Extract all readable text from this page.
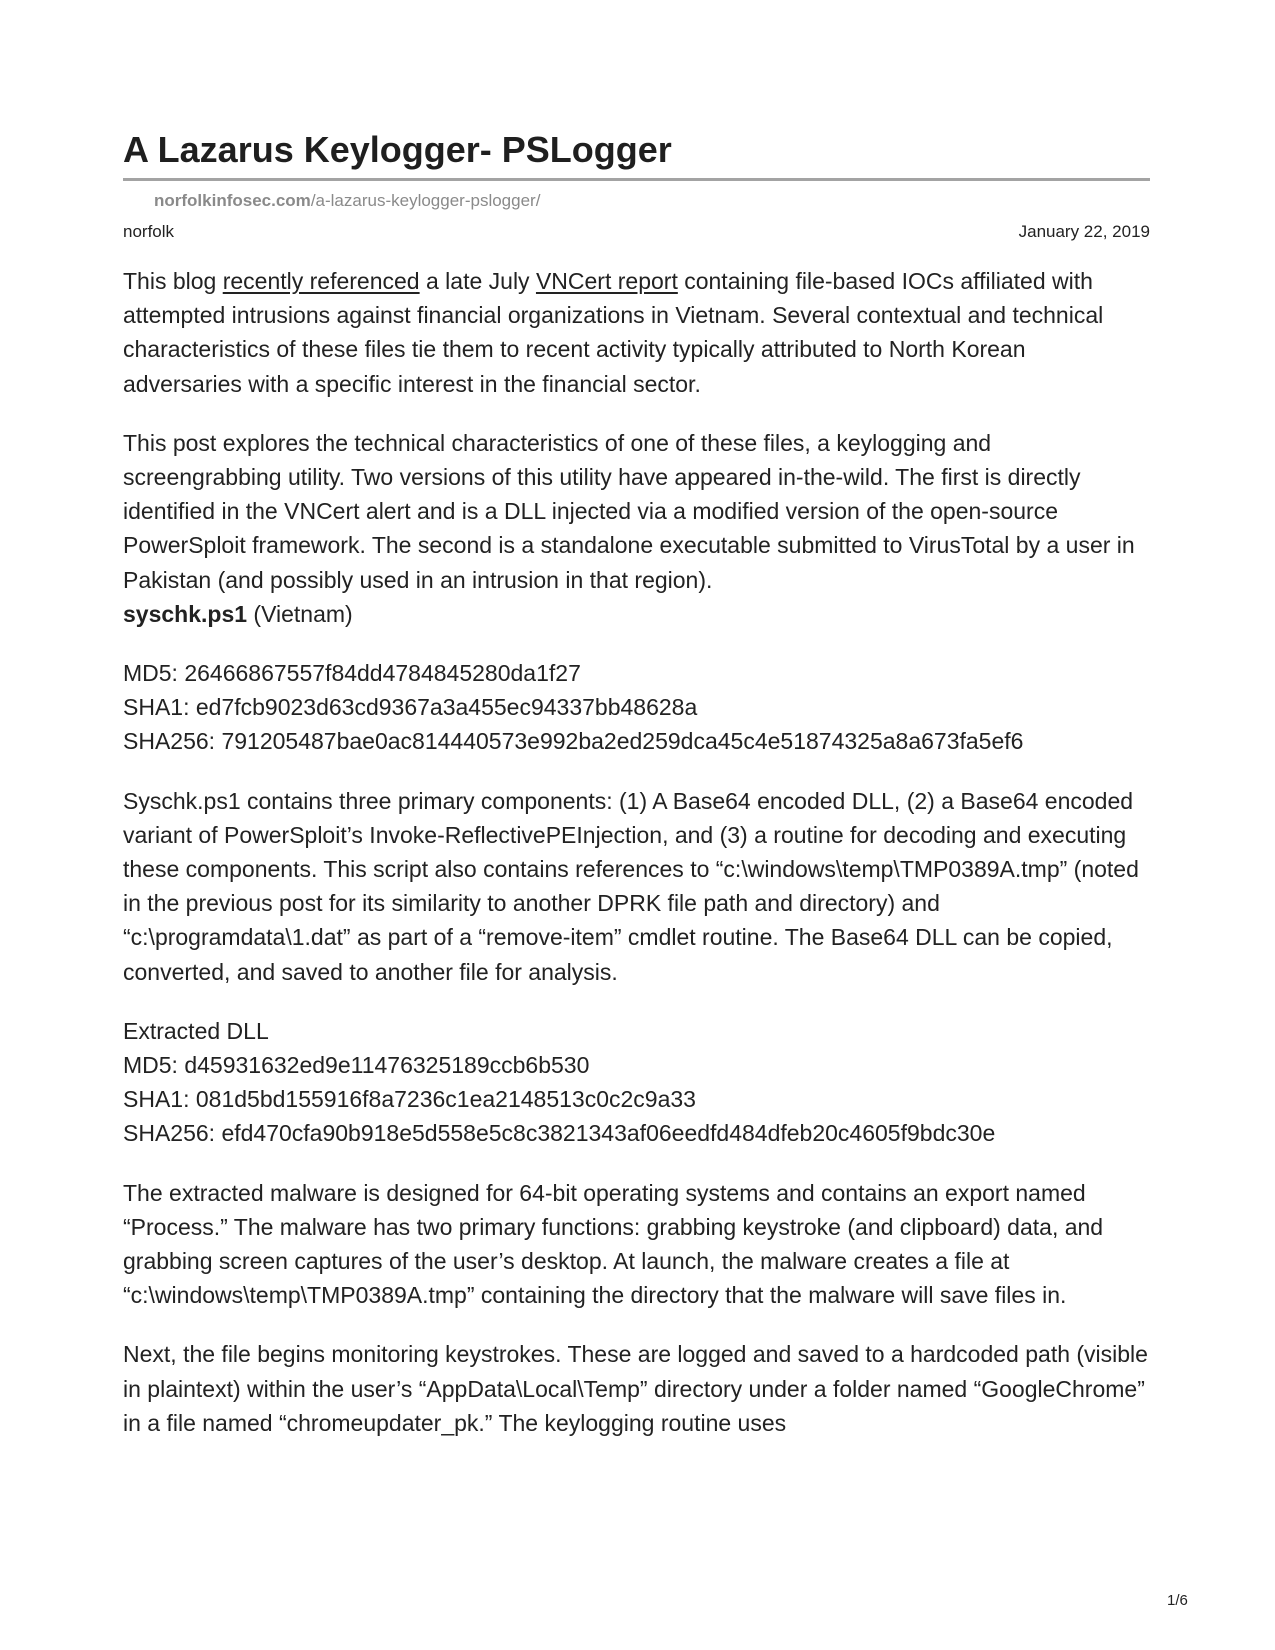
A Lazarus Keylogger- PSLogger
norfolkinfosec.com/a-lazarus-keylogger-pslogger/
norfolk	January 22, 2019

This blog recently referenced a late July VNCert report containing file-based IOCs affiliated with attempted intrusions against financial organizations in Vietnam. Several contextual and technical characteristics of these files tie them to recent activity typically attributed to North Korean adversaries with a specific interest in the financial sector.

This post explores the technical characteristics of one of these files, a keylogging and screengrabbing utility. Two versions of this utility have appeared in-the-wild. The first is directly identified in the VNCert alert and is a DLL injected via a modified version of the open-source PowerSploit framework. The second is a standalone executable submitted to VirusTotal by a user in Pakistan (and possibly used in an intrusion in that region).
syschk.ps1 (Vietnam)

MD5: 26466867557f84dd4784845280da1f27
SHA1: ed7fcb9023d63cd9367a3a455ec94337bb48628a
SHA256: 791205487bae0ac814440573e992ba2ed259dca45c4e51874325a8a673fa5ef6

Syschk.ps1 contains three primary components: (1) A Base64 encoded DLL, (2) a Base64 encoded variant of PowerSploit’s Invoke-ReflectivePEInjection, and (3) a routine for decoding and executing these components. This script also contains references to “c:\windows\temp\TMP0389A.tmp” (noted in the previous post for its similarity to another DPRK file path and directory) and “c:\programdata\1.dat” as part of a “remove-item” cmdlet routine. The Base64 DLL can be copied, converted, and saved to another file for analysis.

Extracted DLL
MD5: d45931632ed9e11476325189ccb6b530
SHA1: 081d5bd155916f8a7236c1ea2148513c0c2c9a33
SHA256: efd470cfa90b918e5d558e5c8c3821343af06eedfd484dfeb20c4605f9bdc30e

The extracted malware is designed for 64-bit operating systems and contains an export named “Process.” The malware has two primary functions: grabbing keystroke (and clipboard) data, and grabbing screen captures of the user’s desktop. At launch, the malware creates a file at “c:\windows\temp\TMP0389A.tmp” containing the directory that the malware will save files in.

Next, the file begins monitoring keystrokes. These are logged and saved to a hardcoded path (visible in plaintext) within the user’s “AppData\Local\Temp” directory under a folder named “GoogleChrome” in a file named “chromeupdater_pk.” The keylogging routine uses

1/6
